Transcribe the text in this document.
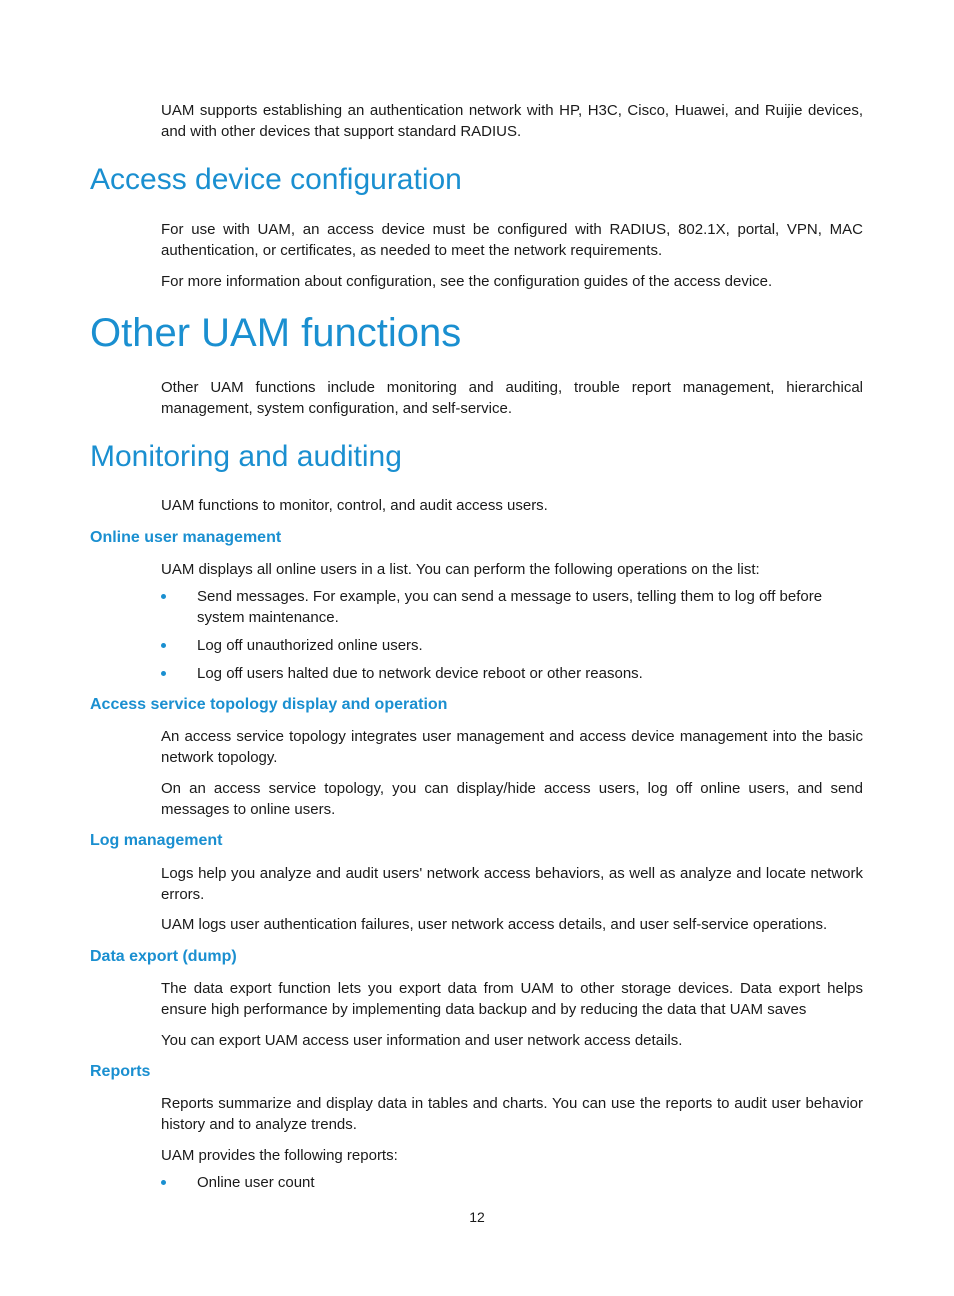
UAM supports establishing an authentication network with HP, H3C, Cisco, Huawei, and Ruijie devices, and with other devices that support standard RADIUS.

Access device configuration

For use with UAM, an access device must be configured with RADIUS, 802.1X, portal, VPN, MAC authentication, or certificates, as needed to meet the network requirements.

For more information about configuration, see the configuration guides of the access device.

Other UAM functions

Other UAM functions include monitoring and auditing, trouble report management, hierarchical management, system configuration, and self-service.

Monitoring and auditing

UAM functions to monitor, control, and audit access users.

Online user management

UAM displays all online users in a list. You can perform the following operations on the list:

Send messages. For example, you can send a message to users, telling them to log off before system maintenance.
Log off unauthorized online users.
Log off users halted due to network device reboot or other reasons.
Access service topology display and operation

An access service topology integrates user management and access device management into the basic network topology.

On an access service topology, you can display/hide access users, log off online users, and send messages to online users.

Log management

Logs help you analyze and audit users' network access behaviors, as well as analyze and locate network errors.

UAM logs user authentication failures, user network access details, and user self-service operations.

Data export (dump)

The data export function lets you export data from UAM to other storage devices. Data export helps ensure high performance by implementing data backup and by reducing the data that UAM saves

You can export UAM access user information and user network access details.

Reports

Reports summarize and display data in tables and charts. You can use the reports to audit user behavior history and to analyze trends.

UAM provides the following reports:

Online user count

12
